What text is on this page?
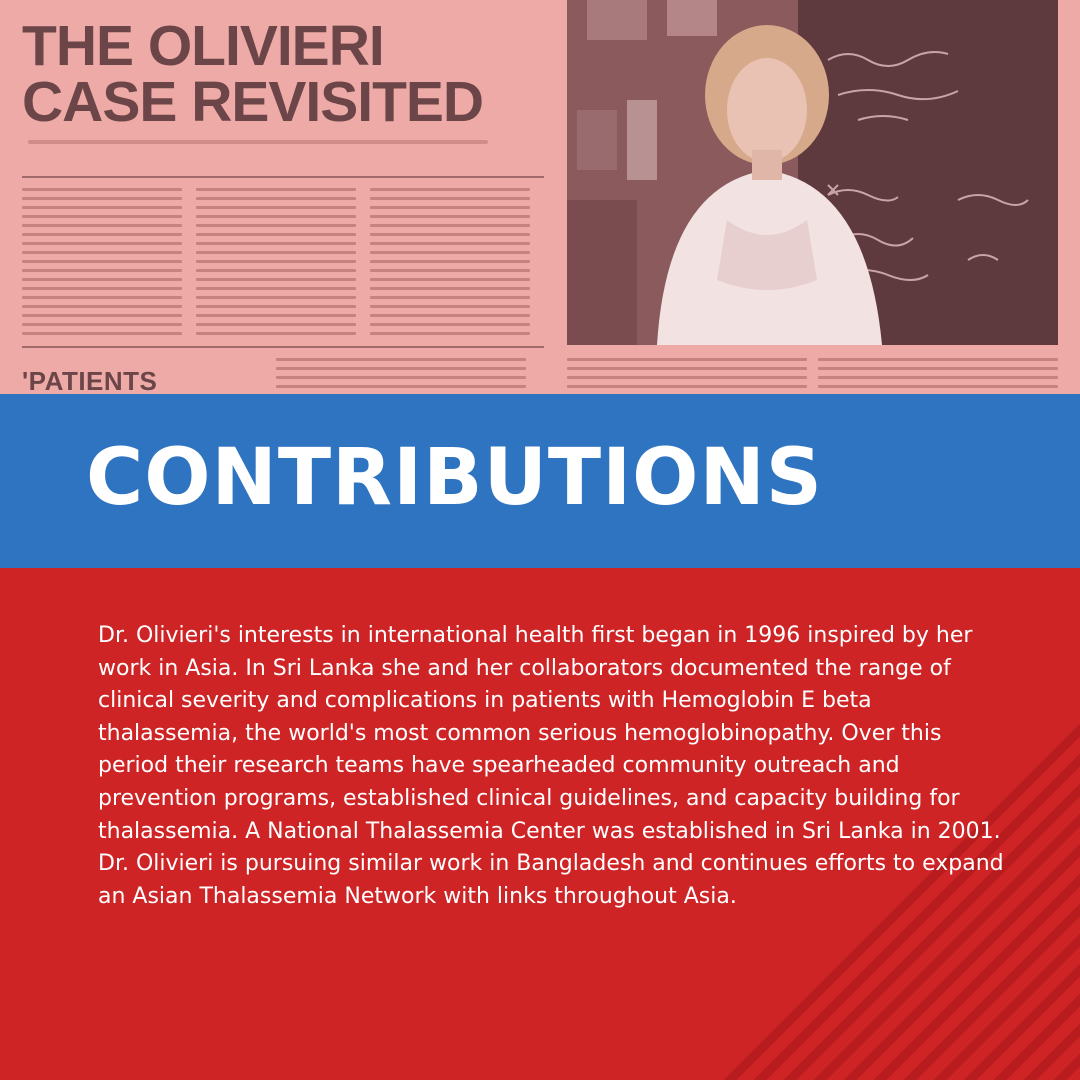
THE OLIVIERI
CASE REVISITED
'PATIENTS
CONTRIBUTIONS

Dr. Olivieri's interests in international health first began in 1996 inspired by her work in Asia. In Sri Lanka she and her collaborators documented the range of clinical severity and complications in patients with Hemoglobin E beta thalassemia, the world's most common serious hemoglobinopathy. Over this period their research teams have spearheaded community outreach and prevention programs, established clinical guidelines, and capacity building for thalassemia. A National Thalassemia Center was established in Sri Lanka in 2001. Dr. Olivieri is pursuing similar work in Bangladesh and continues efforts to expand an Asian Thalassemia Network with links throughout Asia.
